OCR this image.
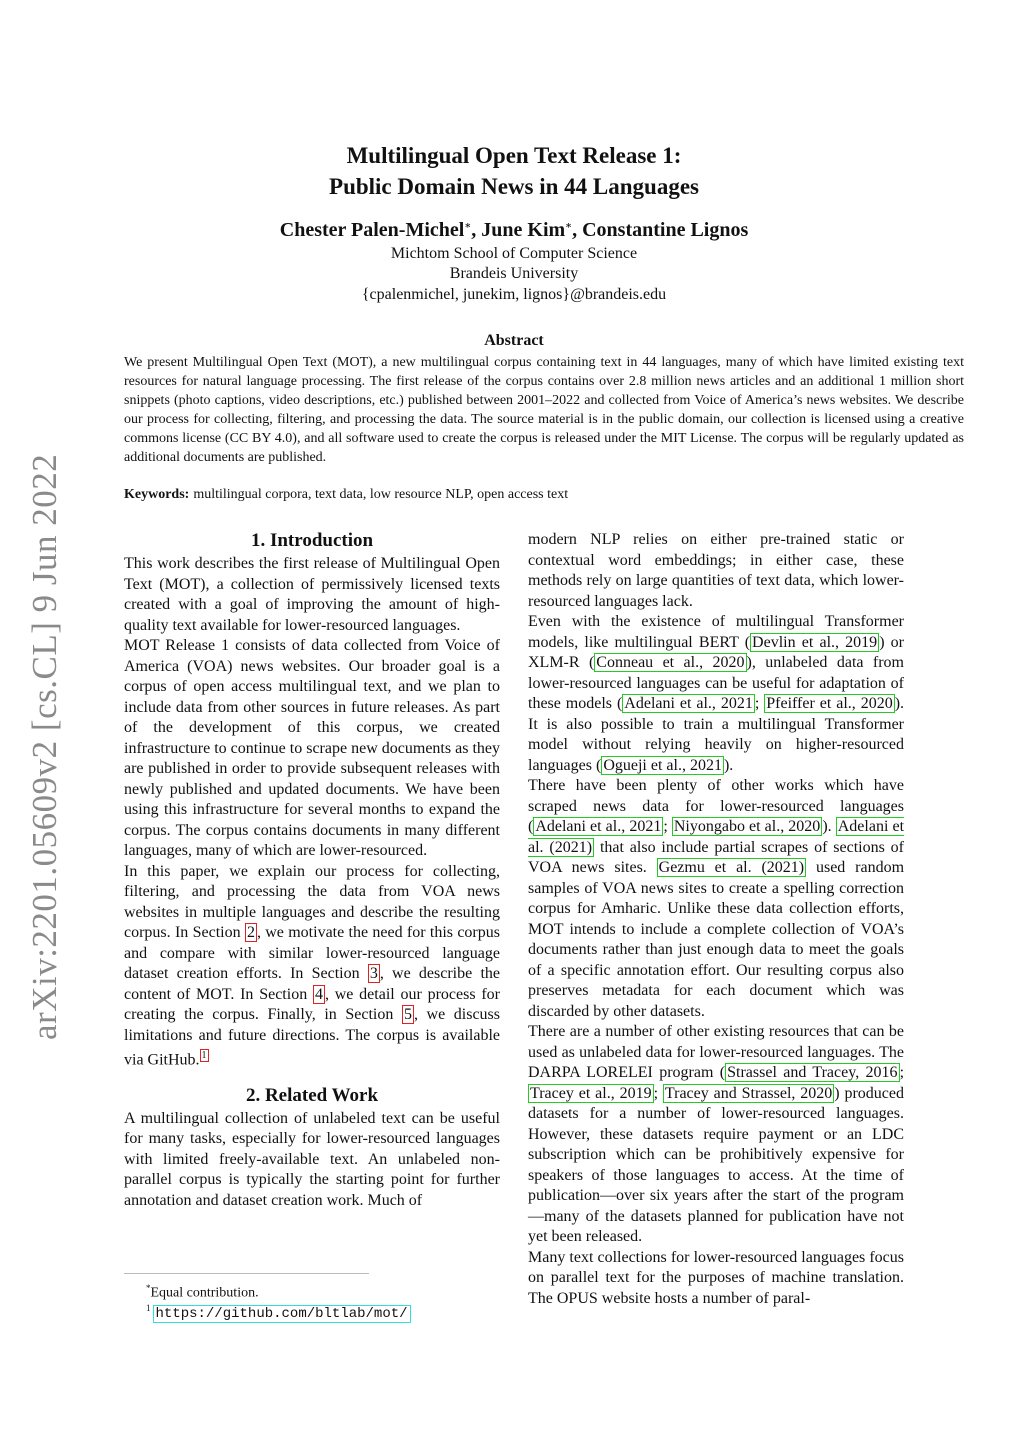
arXiv:2201.05609v2 [cs.CL] 9 Jun 2022
Multilingual Open Text Release 1:
Public Domain News in 44 Languages
Chester Palen-Michel∗, June Kim∗, Constantine Lignos
Michtom School of Computer Science
Brandeis University
{cpalenmichel, junekim, lignos}@brandeis.edu
Abstract
We present Multilingual Open Text (MOT), a new multilingual corpus containing text in 44 languages, many of which have limited existing text resources for natural language processing. The first release of the corpus contains over 2.8 million news articles and an additional 1 million short snippets (photo captions, video descriptions, etc.) published between 2001–2022 and collected from Voice of America’s news websites. We describe our process for collecting, filtering, and processing the data. The source material is in the public domain, our collection is licensed using a creative commons license (CC BY 4.0), and all software used to create the corpus is released under the MIT License. The corpus will be regularly updated as additional documents are published.
Keywords: multilingual corpora, text data, low resource NLP, open access text
1. Introduction

This work describes the first release of Multilingual Open Text (MOT), a collection of permissively licensed texts created with a goal of improving the amount of high-quality text available for lower-resourced languages.

MOT Release 1 consists of data collected from Voice of America (VOA) news websites. Our broader goal is a corpus of open access multilingual text, and we plan to include data from other sources in future releases. As part of the development of this corpus, we created infrastructure to continue to scrape new documents as they are published in order to provide subsequent releases with newly published and updated documents. We have been using this infrastructure for several months to expand the corpus. The corpus contains documents in many different languages, many of which are lower-resourced.

In this paper, we explain our process for collecting, filtering, and processing the data from VOA news websites in multiple languages and describe the resulting corpus. In Section 2 , we motivate the need for this corpus and compare with similar lower-resourced language dataset creation efforts. In Section 3 , we describe the content of MOT. In Section 4 , we detail our process for creating the corpus. Finally, in Section 5 , we discuss limitations and future directions. The corpus is available via GitHub. $^1$

2. Related Work

A multilingual collection of unlabeled text can be useful for many tasks, especially for lower-resourced languages with limited freely-available text. An unlabeled non-parallel corpus is typically the starting point for further annotation and dataset creation work. Much of

modern NLP relies on either pre-trained static or contextual word embeddings; in either case, these methods rely on large quantities of text data, which lower-resourced languages lack.

Even with the existence of multilingual Transformer models, like multilingual BERT ( Devlin et al., 2019 ) or XLM-R ( Conneau et al., 2020 ), unlabeled data from lower-resourced languages can be useful for adaptation of these models ( Adelani et al., 2021 ; Pfeiffer et al., 2020 ). It is also possible to train a multilingual Transformer model without relying heavily on higher-resourced languages ( Ogueji et al., 2021 ).

There have been plenty of other works which have scraped news data for lower-resourced languages ( Adelani et al., 2021 ; Niyongabo et al., 2020 ). Adelani et al. (2021) that also include partial scrapes of sections of VOA news sites. Gezmu et al. (2021) used random samples of VOA news sites to create a spelling correction corpus for Amharic. Unlike these data collection efforts, MOT intends to include a complete collection of VOA’s documents rather than just enough data to meet the goals of a specific annotation effort. Our resulting corpus also preserves metadata for each document which was discarded by other datasets.

There are a number of other existing resources that can be used as unlabeled data for lower-resourced languages. The DARPA LORELEI program ( Strassel and Tracey, 2016 ; Tracey et al., 2019 ; Tracey and Strassel, 2020 ) produced datasets for a number of lower-resourced languages. However, these datasets require payment or an LDC subscription which can be prohibitively expensive for speakers of those languages to access. At the time of publication—over six years after the start of the program—many of the datasets planned for publication have not yet been released.

Many text collections for lower-resourced languages focus on parallel text for the purposes of machine translation. The OPUS website hosts a number of paral-

*Equal contribution.
$^1$ https://github.com/bltlab/mot/
